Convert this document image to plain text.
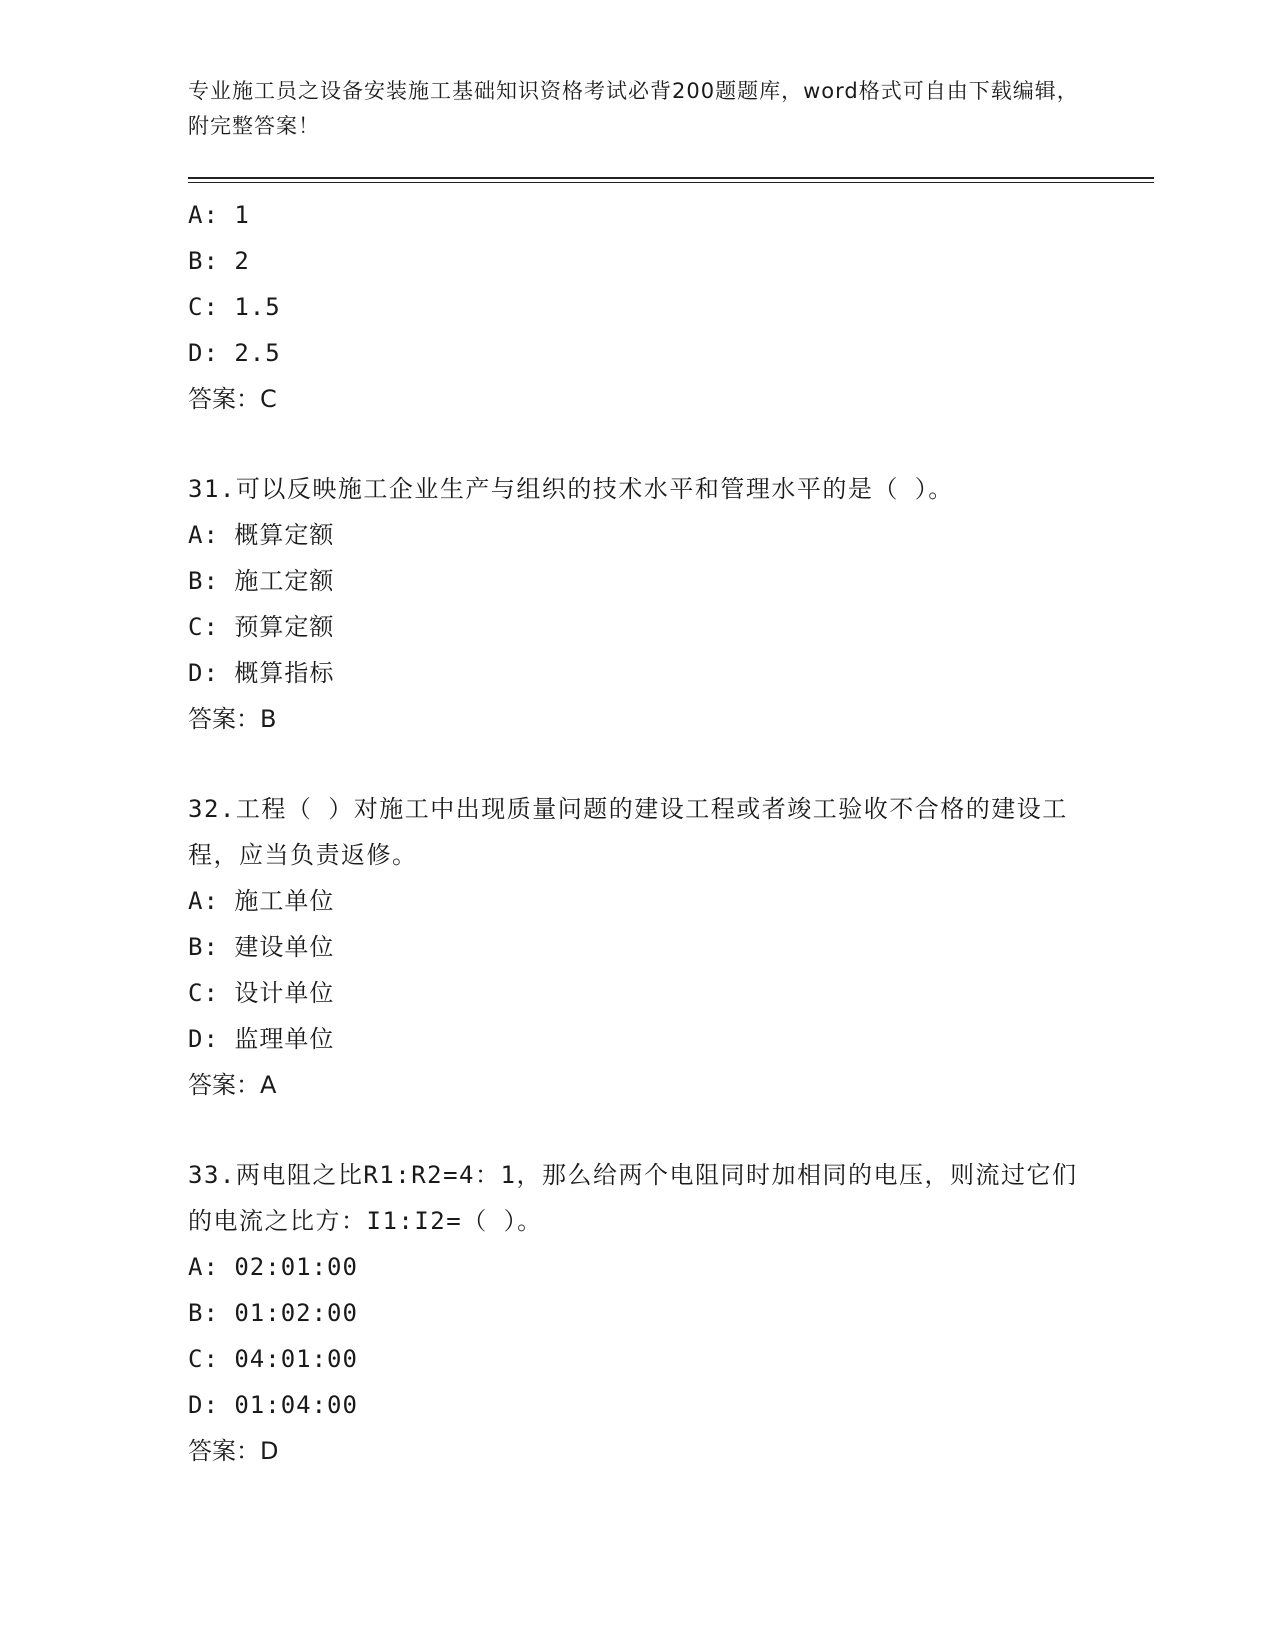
专业施工员之设备安装施工基础知识资格考试必背200题题库，word格式可自由下载编辑，附完整答案！
A: 1
B: 2
C: 1.5
D: 2.5
答案：C
31.可以反映施工企业生产与组织的技术水平和管理水平的是（ ）。
A: 概算定额
B: 施工定额
C: 预算定额
D: 概算指标
答案：B
32.工程（ ）对施工中出现质量问题的建设工程或者竣工验收不合格的建设工程，应当负责返修。
A: 施工单位
B: 建设单位
C: 设计单位
D: 监理单位
答案：A
33.两电阻之比R1:R2=4：1，那么给两个电阻同时加相同的电压，则流过它们的电流之比方：I1:I2=（ ）。
A: 02:01:00
B: 01:02:00
C: 04:01:00
D: 01:04:00
答案：D
